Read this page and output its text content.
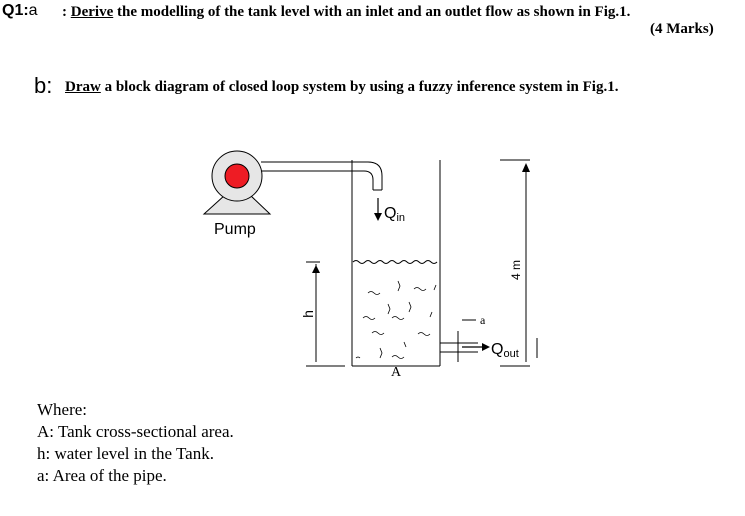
Q1:a : Derive the modelling of the tank level with an inlet and an outlet flow as shown in Fig.1.
(4 Marks)
b: Draw a block diagram of closed loop system by using a fuzzy inference system in Fig.1.
Pump
Qin
Qout
4 m
h
A
a
Where:
A: Tank cross-sectional area.
h: water level in the Tank.
a: Area of the pipe.
